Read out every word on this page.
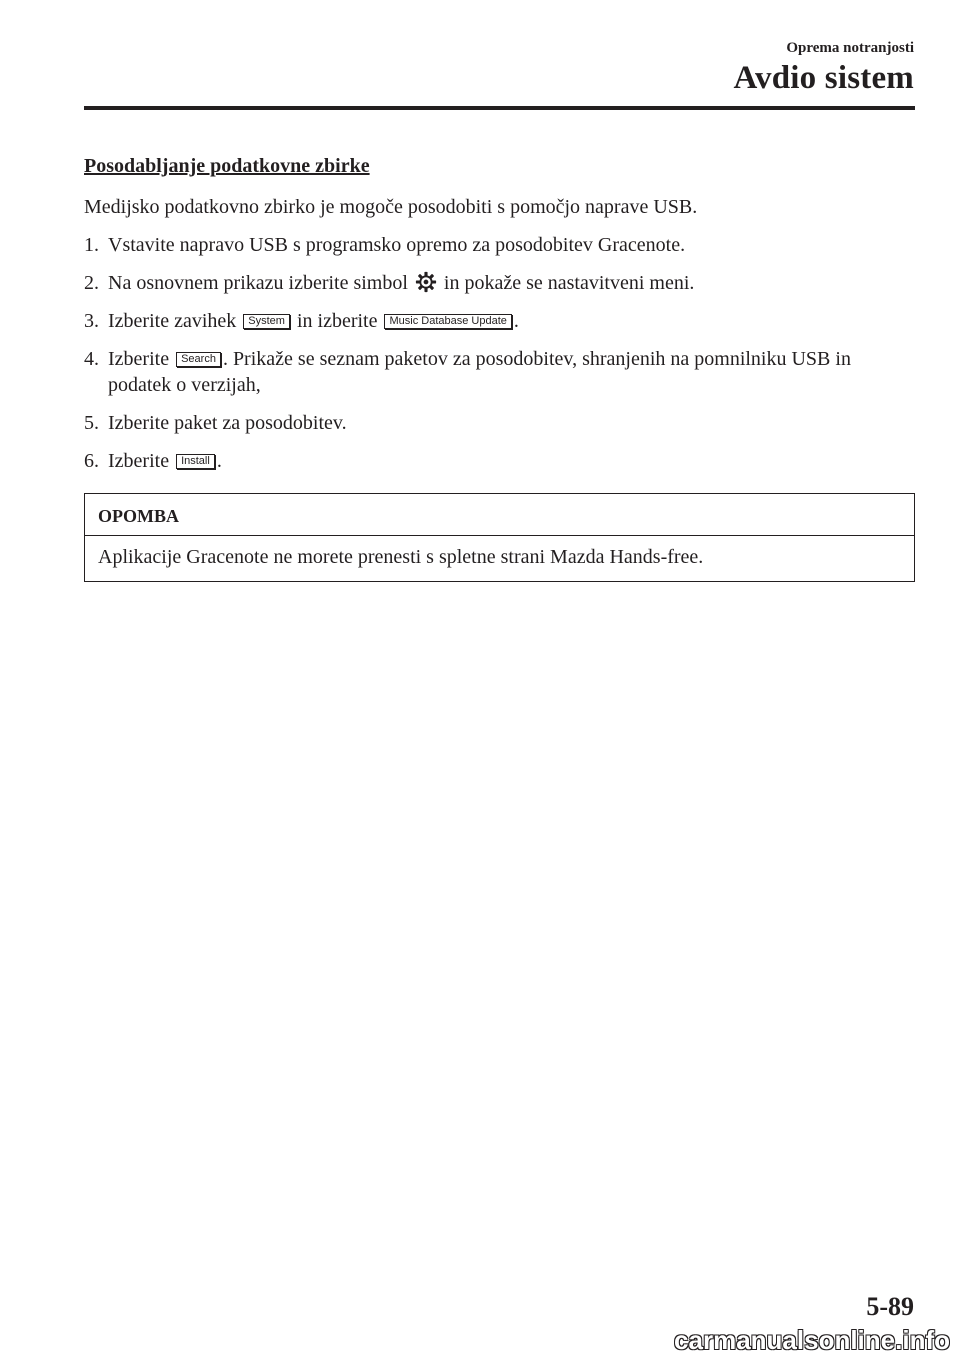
Oprema notranjosti
Avdio sistem
Posodabljanje podatkovne zbirke
Medijsko podatkovno zbirko je mogoče posodobiti s pomočjo naprave USB.
1. Vstavite napravo USB s programsko opremo za posodobitev Gracenote.
2. Na osnovnem prikazu izberite simbol in pokaže se nastavitveni meni.
3. Izberite zavihek System in izberite Music Database Update .
4. Izberite Search . Prikaže se seznam paketov za posodobitev, shranjenih na pomnilniku USB in podatek o verzijah,
5. Izberite paket za posodobitev.
6. Izberite Install .
OPOMBA
Aplikacije Gracenote ne morete prenesti s spletne strani Mazda Hands-free.
5-89
carmanualsonline.info
